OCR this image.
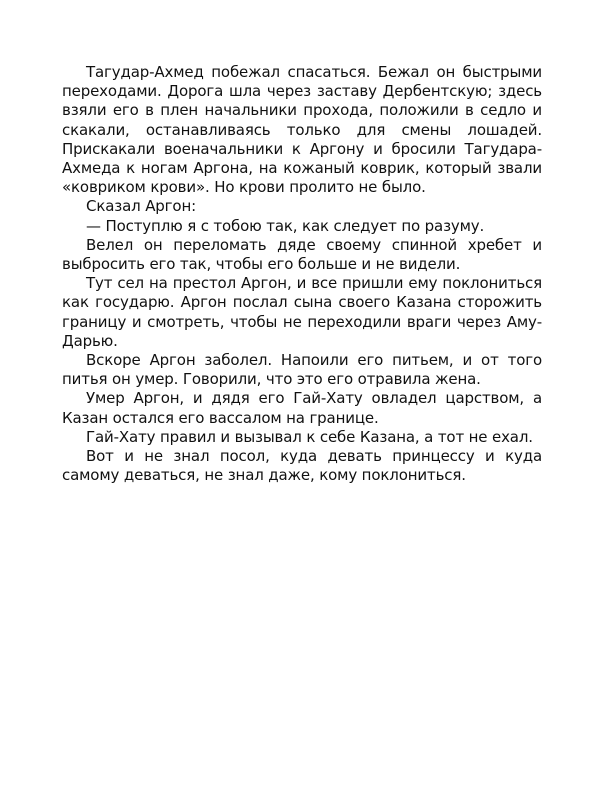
Тагудар-Ахмед побежал спасаться. Бежал он быстрыми переходами. Дорога шла через заставу Дербентскую; здесь взяли его в плен начальники прохода, положили в седло и скакали, останавливаясь только для смены лошадей. Прискакали военачальники к Аргону и бросили Тагудара-Ахмеда к ногам Аргона, на кожаный коврик, который звали «ковриком крови». Но крови пролито не было.

Сказал Аргон:

— Поступлю я с тобою так, как следует по разуму.

Велел он переломать дяде своему спинной хребет и выбросить его так, чтобы его больше и не видели.

Тут сел на престол Аргон, и все пришли ему поклониться как государю. Аргон послал сына своего Казана сторожить границу и смотреть, чтобы не переходили враги через Аму-Дарью.

Вскоре Аргон заболел. Напоили его питьем, и от того питья он умер. Говорили, что это его отравила жена.

Умер Аргон, и дядя его Гай-Хату овладел царством, а Казан остался его вассалом на границе.

Гай-Хату правил и вызывал к себе Казана, а тот не ехал.

Вот и не знал посол, куда девать принцессу и куда самому деваться, не знал даже, кому поклониться.
